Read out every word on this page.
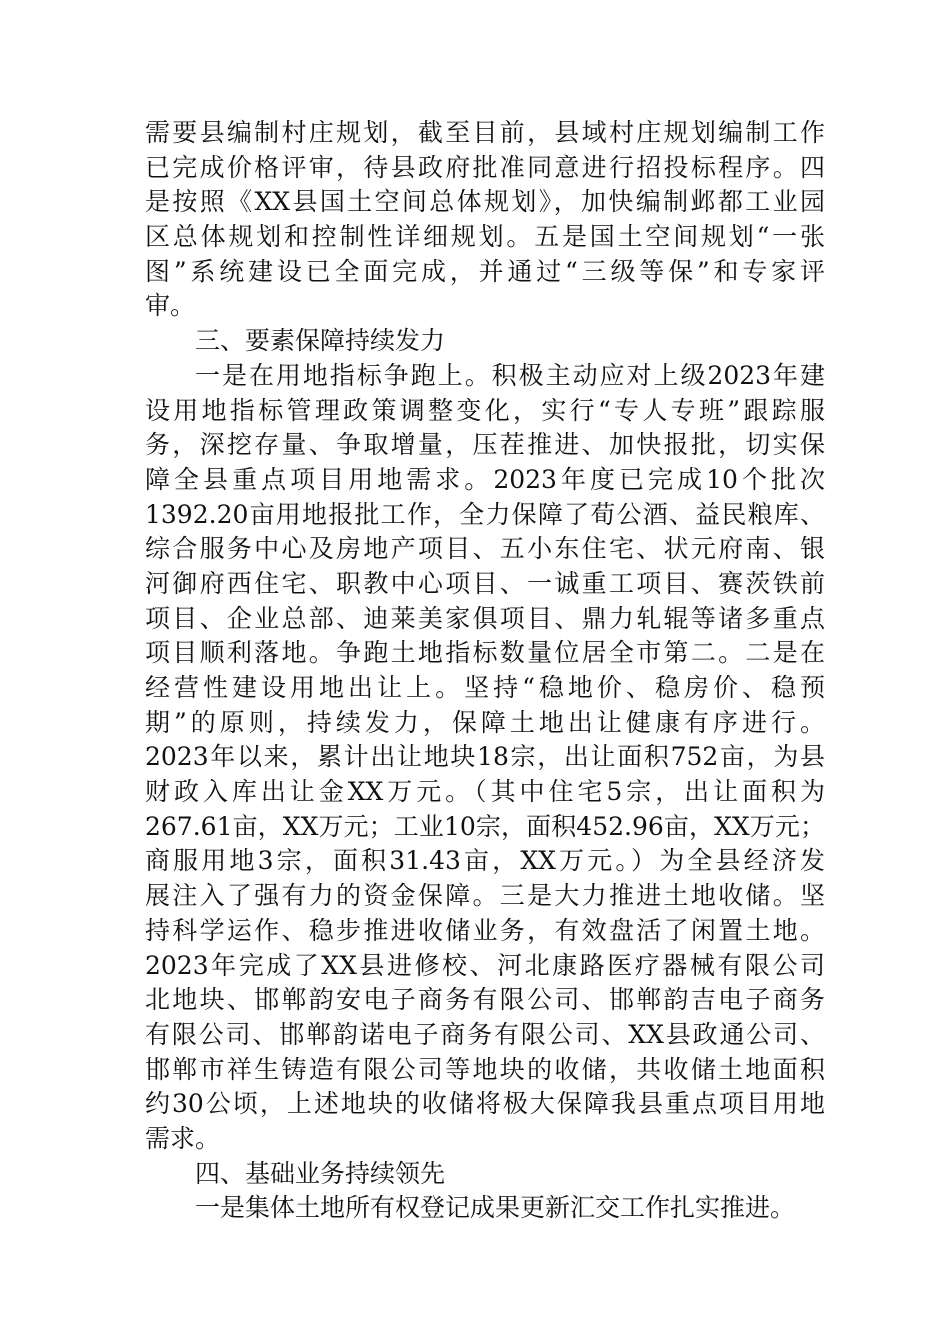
需要县编制村庄规划，截至目前，县域村庄规划编制工作
已完成价格评审，待县政府批准同意进行招投标程序。四
是按照《XX县国土空间总体规划》，加快编制邺都工业园
区总体规划和控制性详细规划。五是国土空间规划“一张
图”系统建设已全面完成，并通过“三级等保”和专家评
审。
三、要素保障持续发力
一是在用地指标争跑上。积极主动应对上级2023年建
设用地指标管理政策调整变化，实行“专人专班”跟踪服
务，深挖存量、争取增量，压茬推进、加快报批，切实保
障全县重点项目用地需求。2023年度已完成10个批次
1392.20亩用地报批工作，全力保障了荀公酒、益民粮库、
综合服务中心及房地产项目、五小东住宅、状元府南、银
河御府西住宅、职教中心项目、一诚重工项目、赛茨铁前
项目、企业总部、迪莱美家俱项目、鼎力轧辊等诸多重点
项目顺利落地。争跑土地指标数量位居全市第二。二是在
经营性建设用地出让上。坚持“稳地价、稳房价、稳预
期”的原则，持续发力，保障土地出让健康有序进行。
2023年以来，累计出让地块18宗，出让面积752亩，为县
财政入库出让金XX万元。（其中住宅5宗，出让面积为
267.61亩，XX万元；工业10宗，面积452.96亩，XX万元；
商服用地3宗，面积31.43亩，XX万元。）为全县经济发
展注入了强有力的资金保障。三是大力推进土地收储。坚
持科学运作、稳步推进收储业务，有效盘活了闲置土地。
2023年完成了XX县进修校、河北康路医疗器械有限公司
北地块、邯郸韵安电子商务有限公司、邯郸韵吉电子商务
有限公司、邯郸韵诺电子商务有限公司、XX县政通公司、
邯郸市祥生铸造有限公司等地块的收储，共收储土地面积
约30公顷，上述地块的收储将极大保障我县重点项目用地
需求。
四、基础业务持续领先
一是集体土地所有权登记成果更新汇交工作扎实推进。
